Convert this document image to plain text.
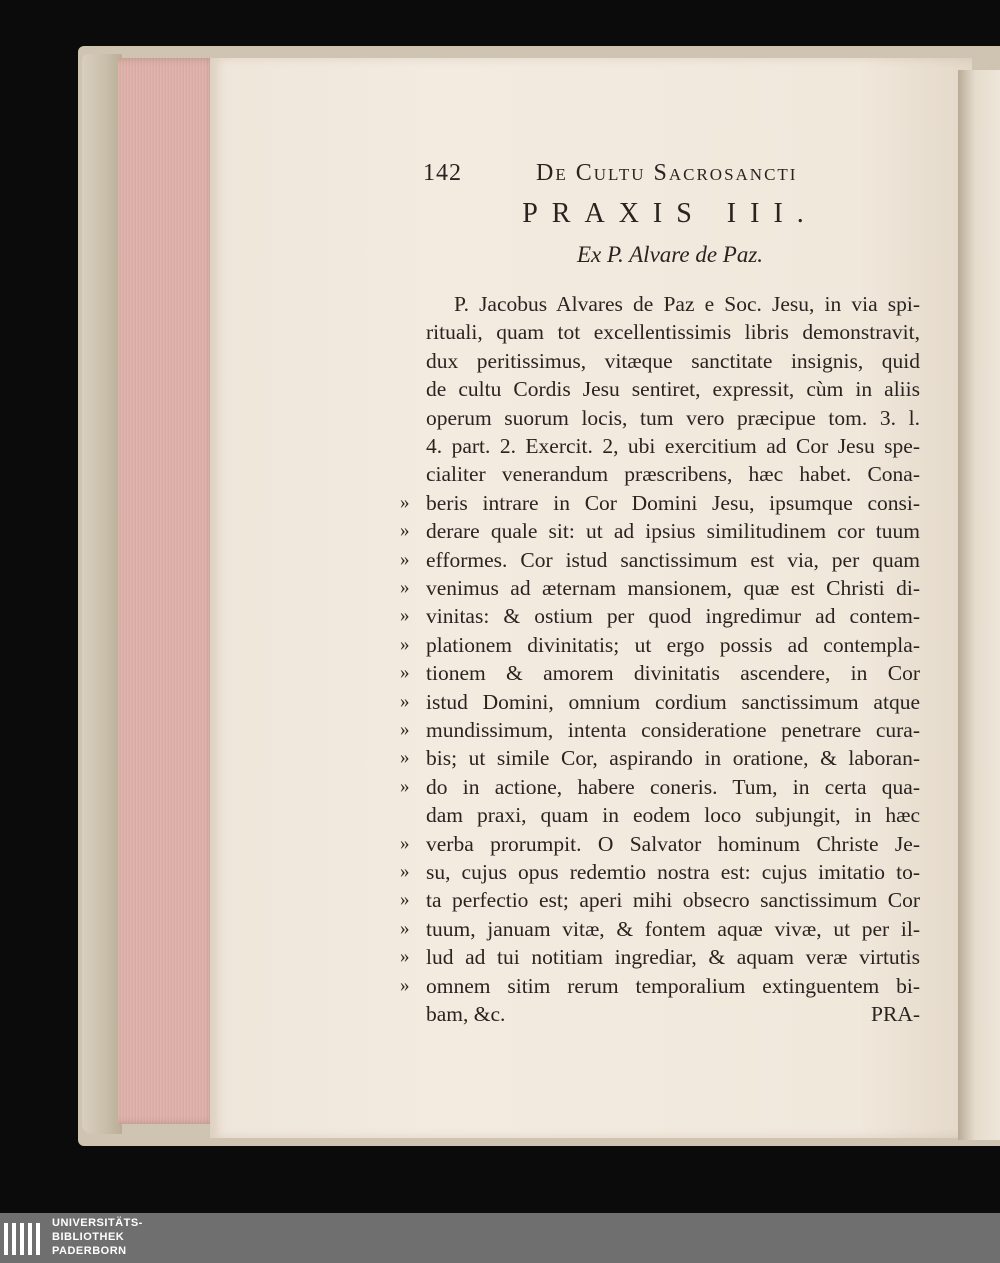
142	De Cultu Sacrosancti
PRAXIS III.
Ex P. Alvare de Paz.
P. Jacobus Alvares de Paz e Soc. Jesu, in via spi-
rituali, quam tot excellentissimis libris demonstravit,
dux peritissimus, vitæque sanctitate insignis, quid
de cultu Cordis Jesu sentiret, expressit, cùm in aliis
operum suorum locis, tum vero præcipue tom. 3. l.
4. part. 2. Exercit. 2, ubi exercitium ad Cor Jesu spe-
cialiter venerandum præscribens, hæc habet. Cona-
» beris intrare in Cor Domini Jesu, ipsumque consi-
» derare quale sit: ut ad ipsius similitudinem cor tuum
» efformes. Cor istud sanctissimum est via, per quam
» venimus ad æternam mansionem, quæ est Christi di-
» vinitas: & ostium per quod ingredimur ad contem-
» plationem divinitatis; ut ergo possis ad contempla-
» tionem & amorem divinitatis ascendere, in Cor
» istud Domini, omnium cordium sanctissimum atque
» mundissimum, intenta consideratione penetrare cura-
» bis; ut simile Cor, aspirando in oratione, & laboran-
» do in actione, habere coneris. Tum, in certa qua-
dam praxi, quam in eodem loco subjungit, in hæc
» verba prorumpit. O Salvator hominum Christe Je-
» su, cujus opus redemtio nostra est: cujus imitatio to-
» ta perfectio est; aperi mihi obsecro sanctissimum Cor
» tuum, januam vitæ, & fontem aquæ vivæ, ut per il-
» lud ad tui notitiam ingrediar, & aquam veræ virtutis
» omnem sitim rerum temporalium extinguentem bi-
bam, &c.	PRA-
UNIVERSITÄTS-
BIBLIOTHEK
PADERBORN
